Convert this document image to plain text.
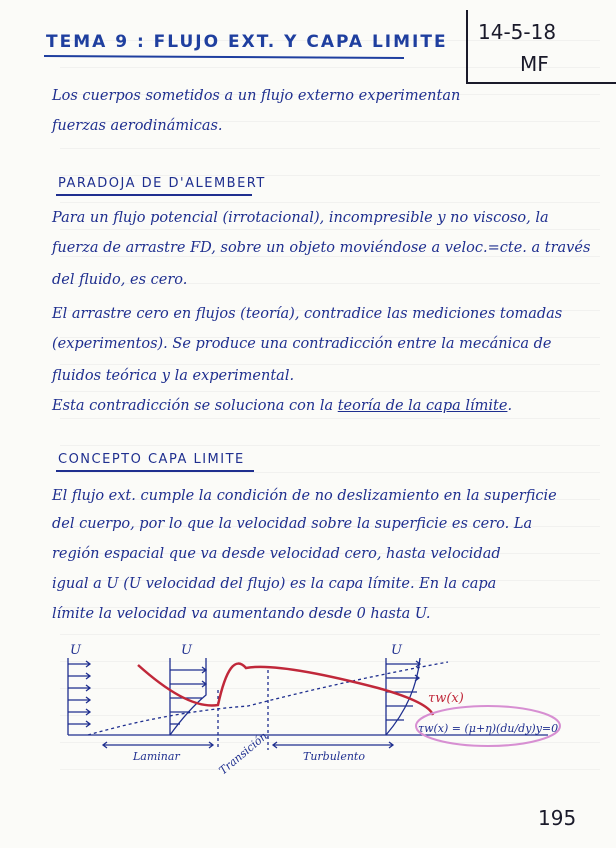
TEMA 9 : FLUJO EXT. Y CAPA LIMITE 14-5-18
MF
Los cuerpos sometidos a un flujo externo experimentan
fuerzas aerodinámicas.
PARADOJA DE D'ALEMBERT
Para un flujo potencial (irrotacional), incompresible y no viscoso, la
fuerza de arrastre FD, sobre un objeto moviéndose a veloc.=cte. a través
del fluido, es cero.
El arrastre cero en flujos (teoría), contradice las mediciones tomadas
(experimentos). Se produce una contradicción entre la mecánica de
fluidos teórica y la experimental.
Esta contradicción se soluciona con la teoría de la capa límite.
CONCEPTO CAPA LIMITE
El flujo ext. cumple la condición de no deslizamiento en la superficie
del cuerpo, por lo que la velocidad sobre la superficie es cero. La
región espacial que va desde velocidad cero, hasta velocidad
igual a U (U velocidad del flujo) es la capa límite. En la capa
límite la velocidad va aumentando desde 0 hasta U.
U	U	U
τw(x)
τw(x) = (μ+η)(du/dy)y=0
Laminar	Transición	Turbulento
195
